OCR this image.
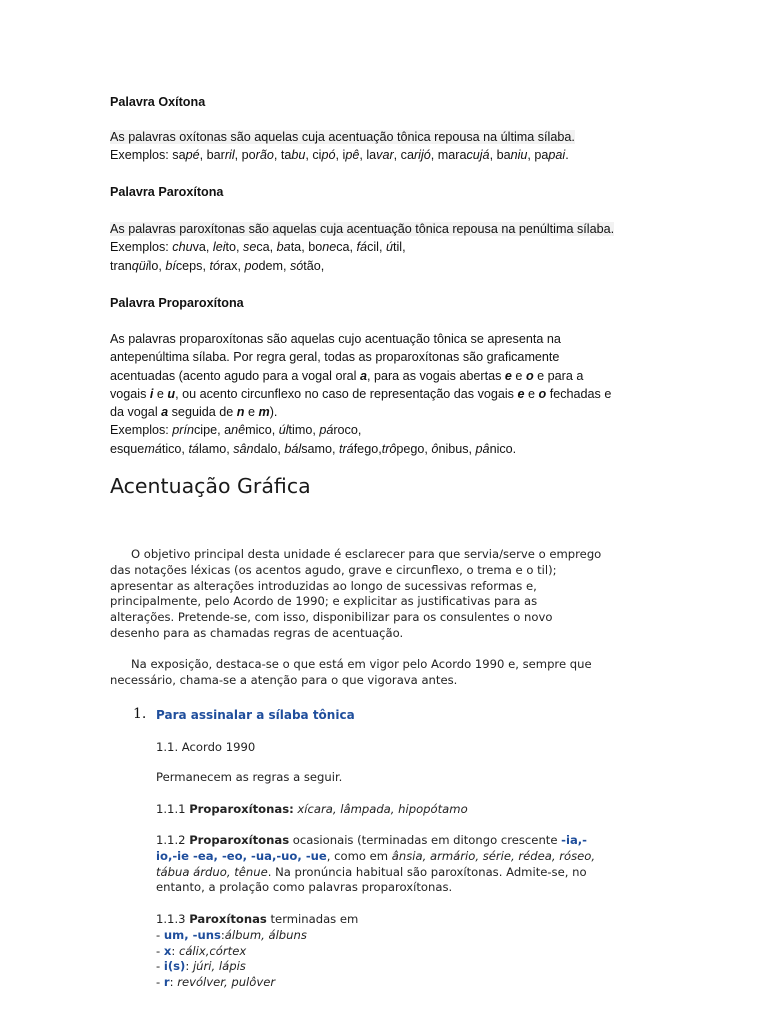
Palavra Oxítona
As palavras oxítonas são aquelas cuja acentuação tônica repousa na última sílaba.
Exemplos: sapé, barril, porão, tabu, cipó, ipê, lavar, carijó, maracujá, baniu, papai.
Palavra Paroxítona
As palavras paroxítonas são aquelas cuja acentuação tônica repousa na penúltima sílaba.
Exemplos: chuva, leito, seca, bata, boneca, fácil, útil,
tranqüilo, bíceps, tórax, podem, sótão,
Palavra Proparoxítona
As palavras proparoxítonas são aquelas cujo acentuação tônica se apresenta na
antepenúltima sílaba. Por regra geral, todas as proparoxítonas são graficamente
acentuadas (acento agudo para a vogal oral a, para as vogais abertas e e o e para a
vogais i e u, ou acento circunflexo no caso de representação das vogais e e o fechadas e
da vogal a seguida de n e m).
Exemplos: príncipe, anêmico, último, pároco,
esquemático, tálamo, sândalo, bálsamo, tráfego,trôpego, ônibus, pânico.
Acentuação Gráfica
O objetivo principal desta unidade é esclarecer para que servia/serve o emprego
das notações léxicas (os acentos agudo, grave e circunflexo, o trema e o til);
apresentar as alterações introduzidas ao longo de sucessivas reformas e,
principalmente, pelo Acordo de 1990; e explicitar as justificativas para as
alterações. Pretende-se, com isso, disponibilizar para os consulentes o novo
desenho para as chamadas regras de acentuação.
Na exposição, destaca-se o que está em vigor pelo Acordo 1990 e, sempre que
necessário, chama-se a atenção para o que vigorava antes.
1. Para assinalar a sílaba tônica
1.1. Acordo 1990
Permanecem as regras a seguir.
1.1.1 Proparoxítonas: xícara, lâmpada, hipopótamo
1.1.2 Proparoxítonas ocasionais (terminadas em ditongo crescente -ia,-
io,-ie -ea, -eo, -ua,-uo, -ue, como em ânsia, armário, série, rédea, róseo,
tábua árduo, tênue. Na pronúncia habitual são paroxítonas. Admite-se, no
entanto, a prolação como palavras proparoxítonas.
1.1.3 Paroxítonas terminadas em
- um, -uns:álbum, álbuns
- x: cálix,córtex
- i(s): júri, lápis
- r: revólver, pulôver
